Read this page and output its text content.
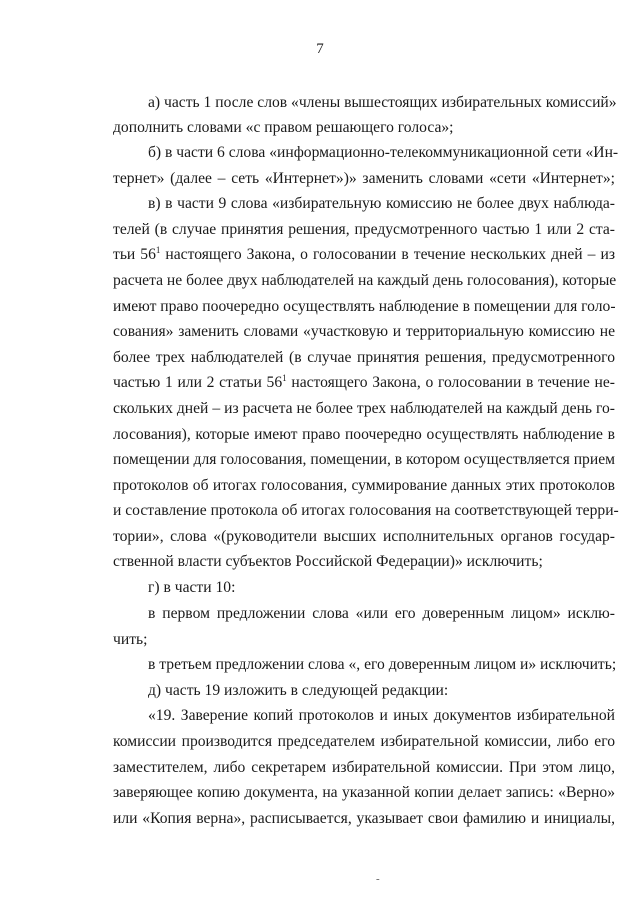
7
а) часть 1 после слов «члены вышестоящих избирательных комиссий»
дополнить словами «с правом решающего голоса»;
б) в части 6 слова «информационно-телекоммуникационной сети «Ин-
тернет» (далее – сеть «Интернет»)» заменить словами «сети «Интернет»;
в) в части 9 слова «избирательную комиссию не более двух наблюда-
телей (в случае принятия решения, предусмотренного частью 1 или 2 ста-
тьи $56^1$ настоящего Закона, о голосовании в течение нескольких дней – из
расчета не более двух наблюдателей на каждый день голосования), которые
имеют право поочередно осуществлять наблюдение в помещении для голо-
сования» заменить словами «участковую и территориальную комиссию не
более трех наблюдателей (в случае принятия решения, предусмотренного
частью 1 или 2 статьи $56^1$ настоящего Закона, о голосовании в течение не-
скольких дней – из расчета не более трех наблюдателей на каждый день го-
лосования), которые имеют право поочередно осуществлять наблюдение в
помещении для голосования, помещении, в котором осуществляется прием
протоколов об итогах голосования, суммирование данных этих протоколов
и составление протокола об итогах голосования на соответствующей терри-
тории», слова «(руководители высших исполнительных органов государ-
ственной власти субъектов Российской Федерации)» исключить;
г) в части 10:
в первом предложении слова «или его доверенным лицом» исклю-
чить;
в третьем предложении слова «, его доверенным лицом и» исключить;
д) часть 19 изложить в следующей редакции:
«19. Заверение копий протоколов и иных документов избирательной
комиссии производится председателем избирательной комиссии, либо его
заместителем, либо секретарем избирательной комиссии. При этом лицо,
заверяющее копию документа, на указанной копии делает запись: «Верно»
или «Копия верна», расписывается, указывает свои фамилию и инициалы,
-
